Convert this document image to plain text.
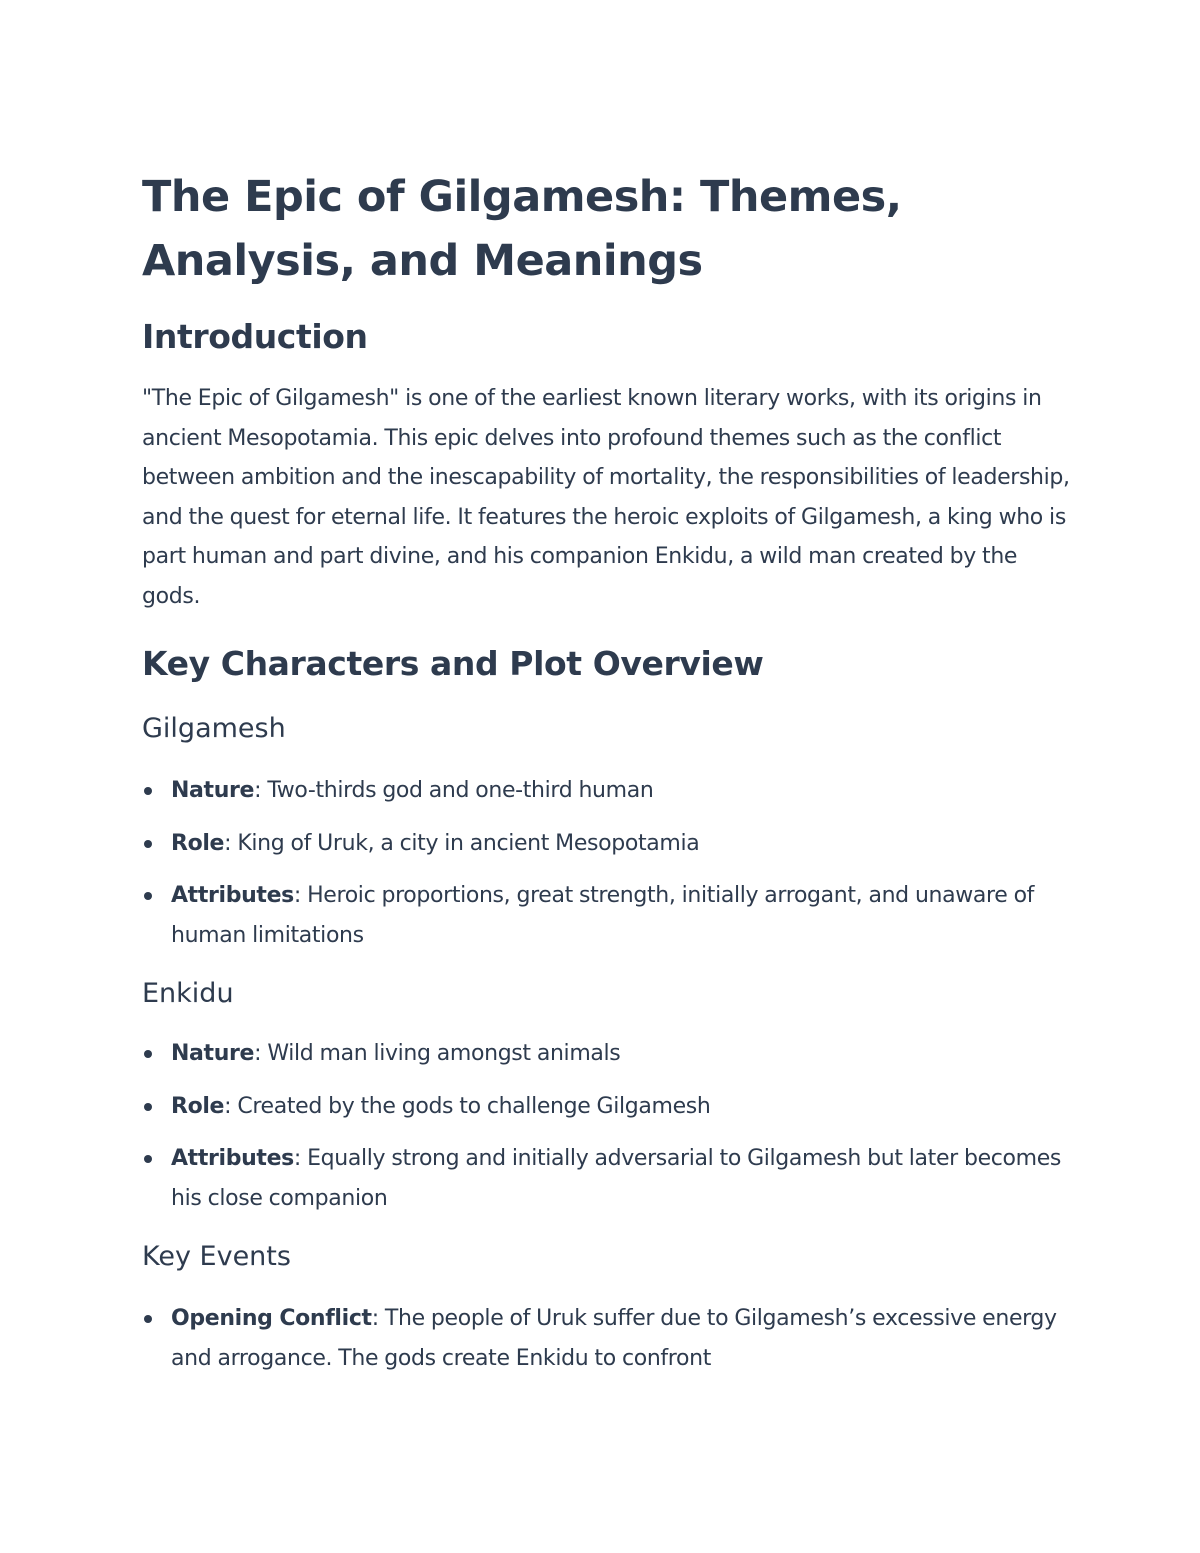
The Epic of Gilgamesh: Themes, Analysis, and Meanings
Introduction

"The Epic of Gilgamesh" is one of the earliest known literary works, with its origins in ancient Mesopotamia. This epic delves into profound themes such as the conflict between ambition and the inescapability of mortality, the responsibilities of leadership, and the quest for eternal life. It features the heroic exploits of Gilgamesh, a king who is part human and part divine, and his companion Enkidu, a wild man created by the gods.

Key Characters and Plot Overview
Gilgamesh
Nature: Two-thirds god and one-third human
Role: King of Uruk, a city in ancient Mesopotamia
Attributes: Heroic proportions, great strength, initially arrogant, and unaware of human limitations
Enkidu
Nature: Wild man living amongst animals
Role: Created by the gods to challenge Gilgamesh
Attributes: Equally strong and initially adversarial to Gilgamesh but later becomes his close companion
Key Events
Opening Conflict: The people of Uruk suffer due to Gilgamesh’s excessive energy and arrogance. The gods create Enkidu to confront
